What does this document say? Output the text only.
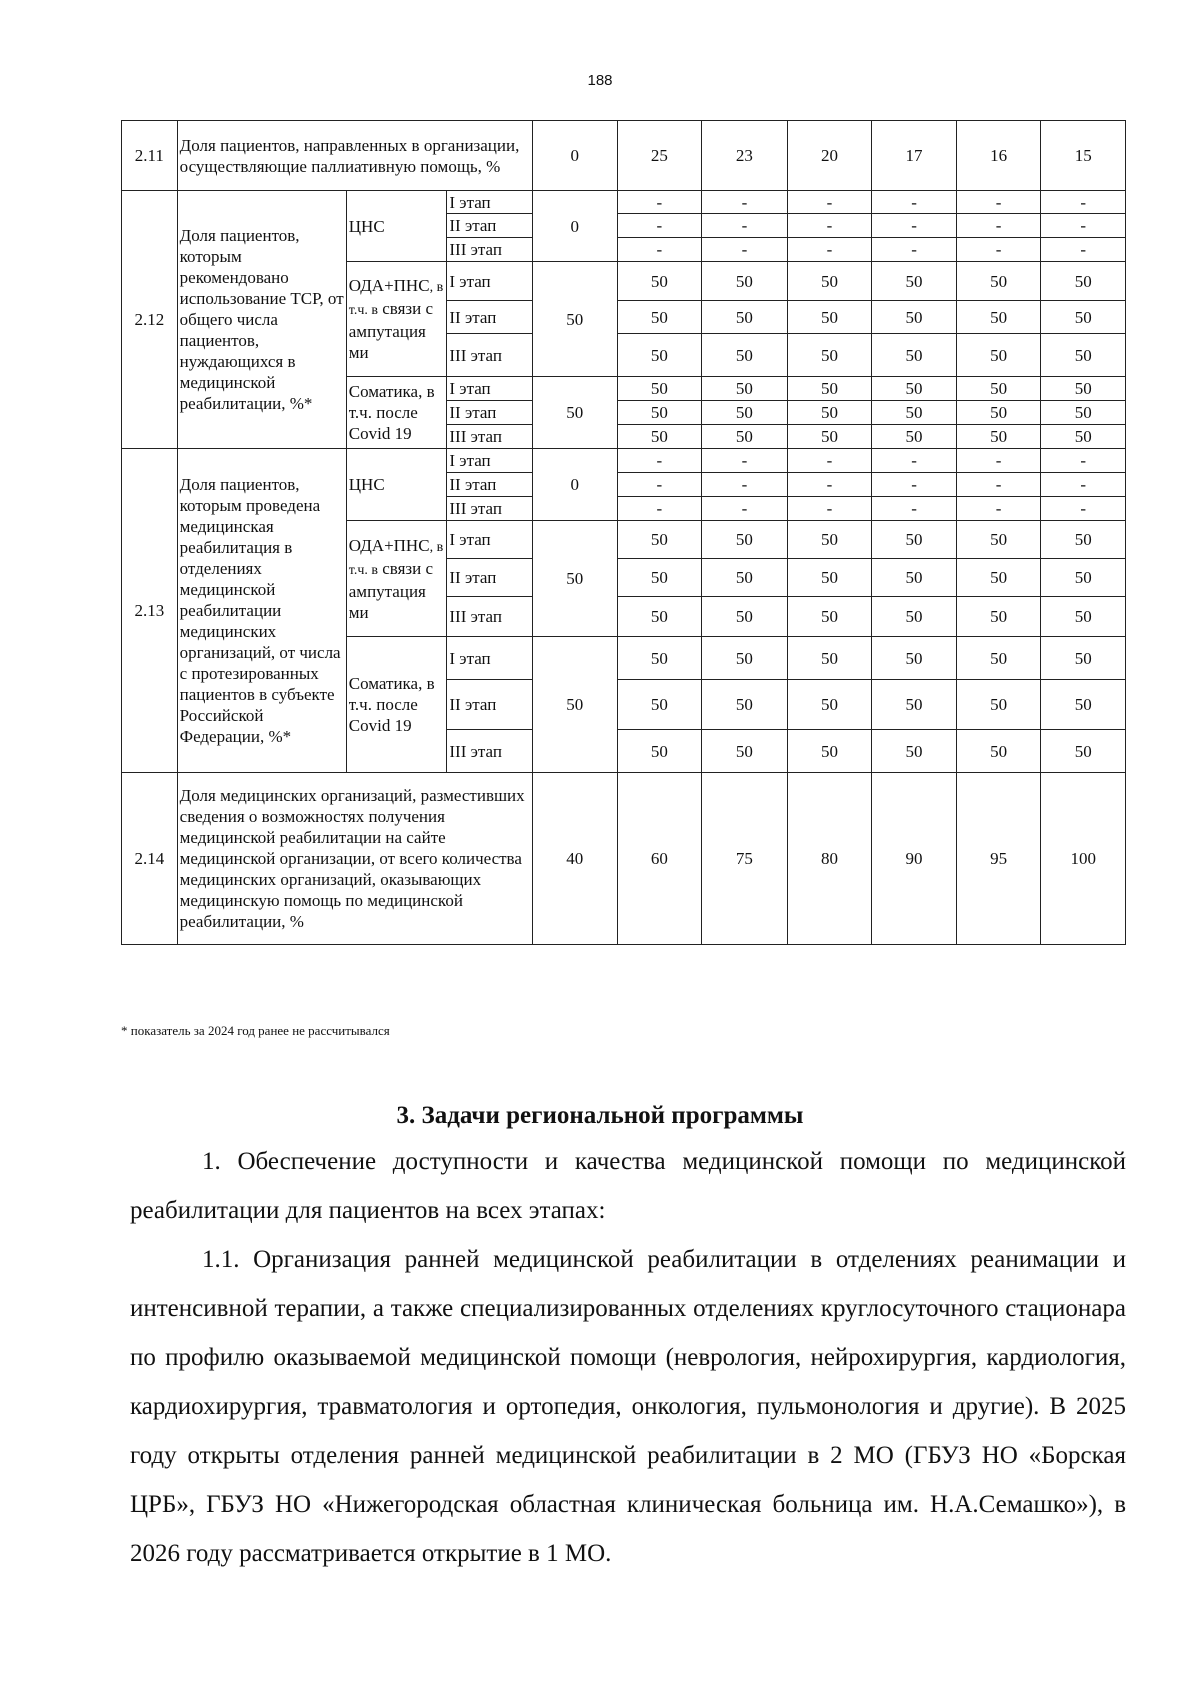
188
2.11	Доля пациентов, направленных в организации, осуществляющие паллиативную помощь, %			0	25	23	20	17	16	15
2.12	Доля пациентов, которым рекомендовано использование ТСР, от общего числа пациентов, нуждающихся в медицинской реабилитации, %*	ЦНС	I этап	0	-	-	-	-	-	-
			II этап		-	-	-	-	-	-
			III этап		-	-	-	-	-	-
		ОДА+ПНС, в т.ч. в связи с ампутация ми	I этап	50	50	50	50	50	50	50
			II этап		50	50	50	50	50	50
			III этап		50	50	50	50	50	50
		Соматика, в т.ч. после Covid 19	I этап	50	50	50	50	50	50	50
			II этап		50	50	50	50	50	50
			III этап		50	50	50	50	50	50
2.13	Доля пациентов, которым проведена медицинская реабилитация в отделениях медицинской реабилитации медицинских организаций, от числа с протезированных пациентов в субъекте Российской Федерации, %*	ЦНС	I этап	0	-	-	-	-	-	-
			II этап		-	-	-	-	-	-
			III этап		-	-	-	-	-	-
		ОДА+ПНС, в т.ч. в связи с ампутация ми	I этап	50	50	50	50	50	50	50
			II этап		50	50	50	50	50	50
			III этап		50	50	50	50	50	50
		Соматика, в т.ч. после Covid 19	I этап	50	50	50	50	50	50	50
			II этап		50	50	50	50	50	50
			III этап		50	50	50	50	50	50
2.14	Доля медицинских организаций, разместивших сведения о возможностях получения медицинской реабилитации на сайте медицинской организации, от всего количества медицинских организаций, оказывающих медицинскую помощь по медицинской реабилитации, %			40	60	75	80	90	95	100
* показатель за 2024 год ранее не рассчитывался
3. Задачи региональной программы
1. Обеспечение доступности и качества медицинской помощи по медицинской реабилитации для пациентов на всех этапах:
1.1. Организация ранней медицинской реабилитации в отделениях реанимации и интенсивной терапии, а также специализированных отделениях круглосуточного стационара по профилю оказываемой медицинской помощи (неврология, нейрохирургия, кардиология, кардиохирургия, травматология и ортопедия, онкология, пульмонология и другие). В 2025 году открыты отделения ранней медицинской реабилитации в 2 МО (ГБУЗ НО «Борская ЦРБ», ГБУЗ НО «Нижегородская областная клиническая больница им. Н.А.Семашко»), в 2026 году рассматривается открытие в 1 МО.
